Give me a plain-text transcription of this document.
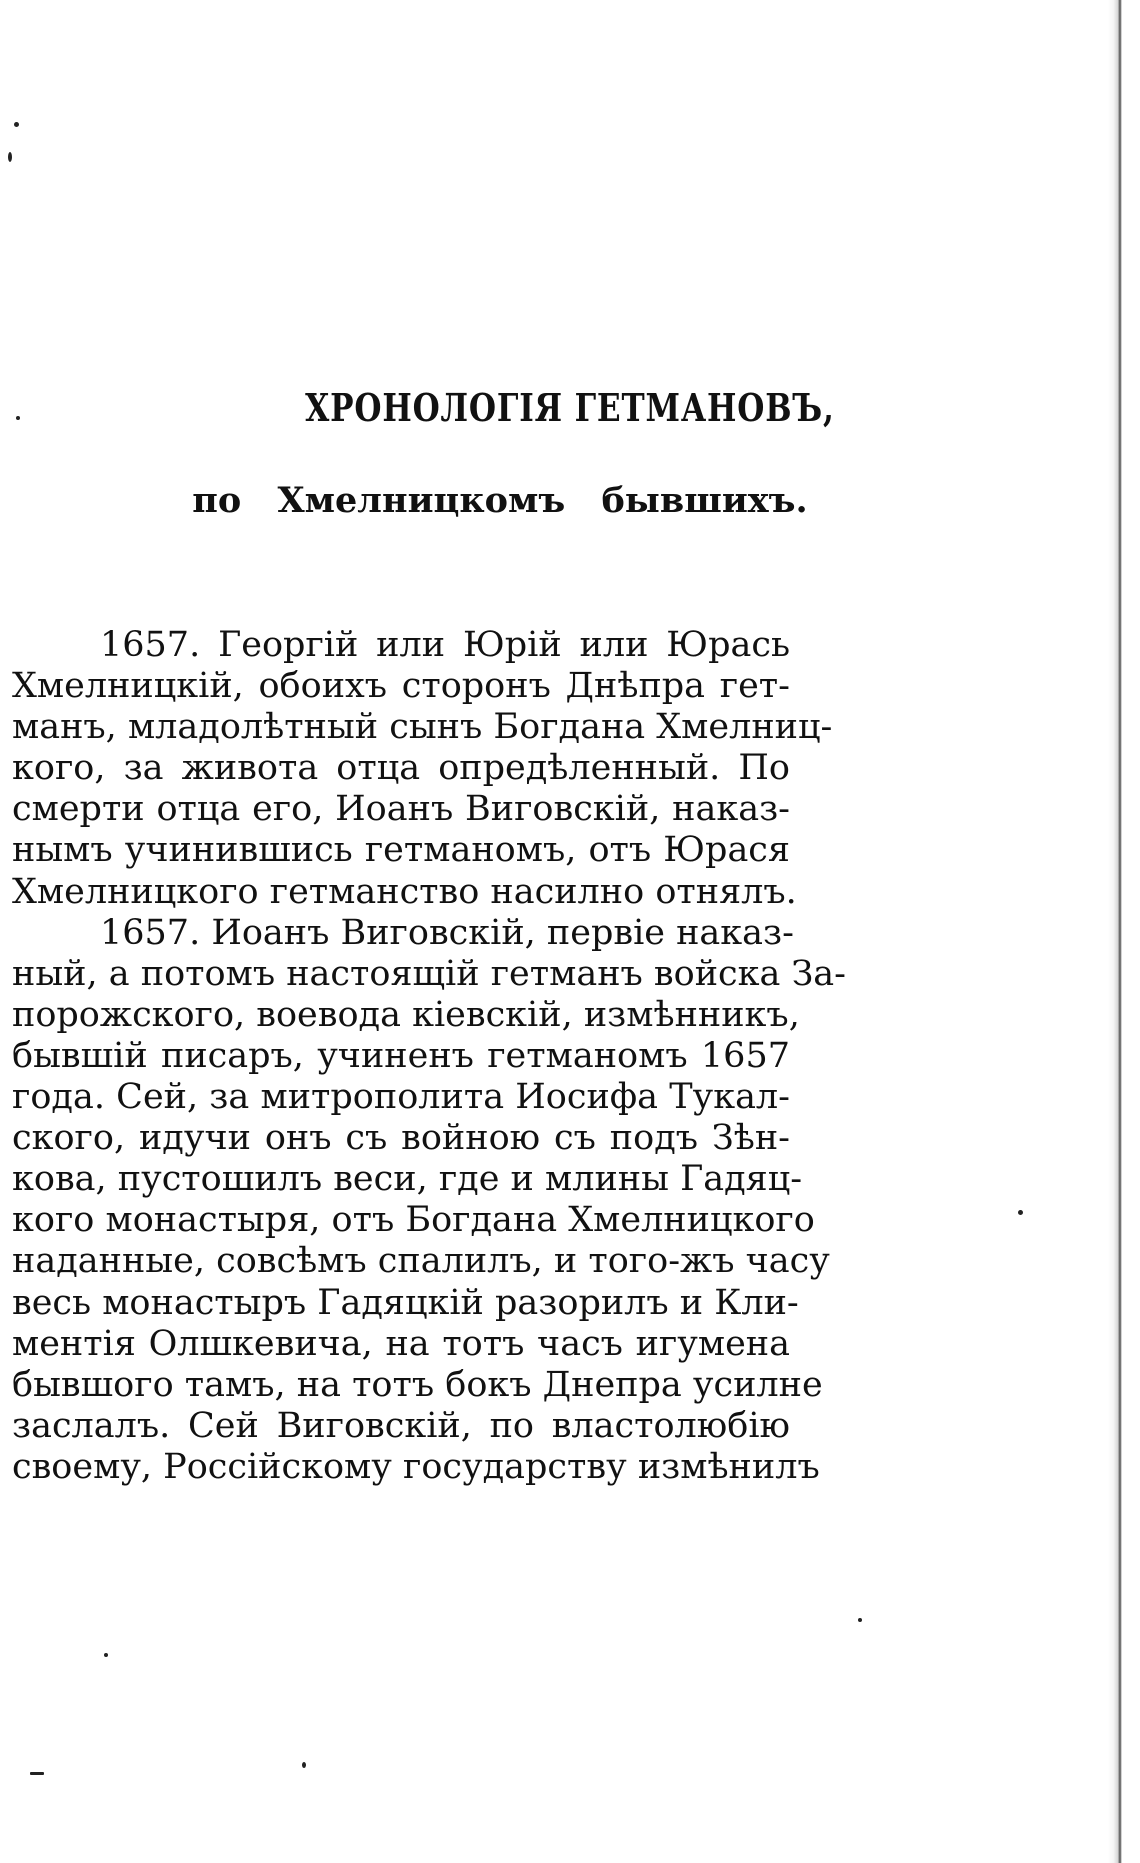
ХРОНОЛОГІЯ ГЕТМАНОВЪ,
по Хмелницкомъ бывшихъ.

1657. Георгій или Юрій или Юрась
Хмелницкій, обоихъ сторонъ Днѣпра гет-
манъ, младолѣтный сынъ Богдана Хмелниц-
кого, за живота отца опредѣленный. По
смерти отца его, Иоанъ Виговскій, наказ-
нымъ учинившись гетманомъ, отъ Юрася
Хмелницкого гетманство насилно отнялъ.

1657. Иоанъ Виговскій, первіе наказ-
ный, а потомъ настоящій гетманъ войска За-
порожского, воевода кіевскій, измѣнникъ,
бывшій писаръ, учиненъ гетманомъ 1657
года. Сей, за митрополита Иосифа Тукал-
ского, идучи онъ съ войною съ подъ Зѣн-
кова, пустошилъ веси, где и млины Гадяц-
кого монастыря, отъ Богдана Хмелницкого
наданные, совсѣмъ спалилъ, и того-жъ часу
весь монастыръ Гадяцкій разорилъ и Кли-
ментія Олшкевича, на тотъ часъ игумена
бывшого тамъ, на тотъ бокъ Днепра усилне
заслалъ. Сей Виговскій, по властолюбію
своему, Россійскому государству измѣнилъ
